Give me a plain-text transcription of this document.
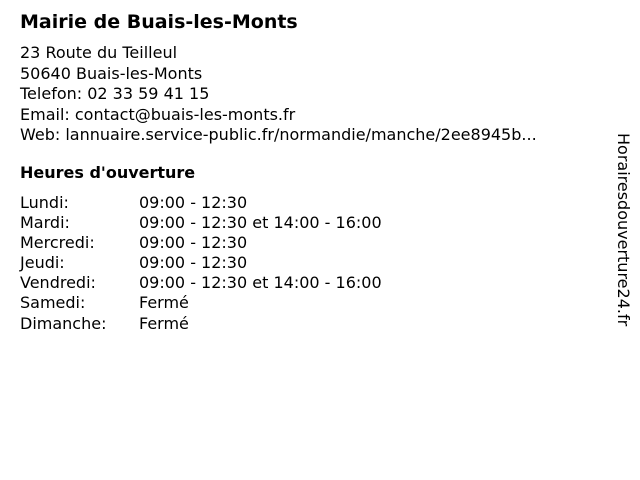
Mairie de Buais-les-Monts
23 Route du Teilleul
50640 Buais-les-Monts
Telefon: 02 33 59 41 15
Email: contact@buais-les-monts.fr
Web: lannuaire.service-public.fr/normandie/manche/2ee8945b...
Heures d'ouverture
Lundi:	09:00 - 12:30
Mardi:	09:00 - 12:30 et 14:00 - 16:00
Mercredi:	09:00 - 12:30
Jeudi:	09:00 - 12:30
Vendredi:	09:00 - 12:30 et 14:00 - 16:00
Samedi:	Fermé
Dimanche:	Fermé	Horairesdouverture24.fr
